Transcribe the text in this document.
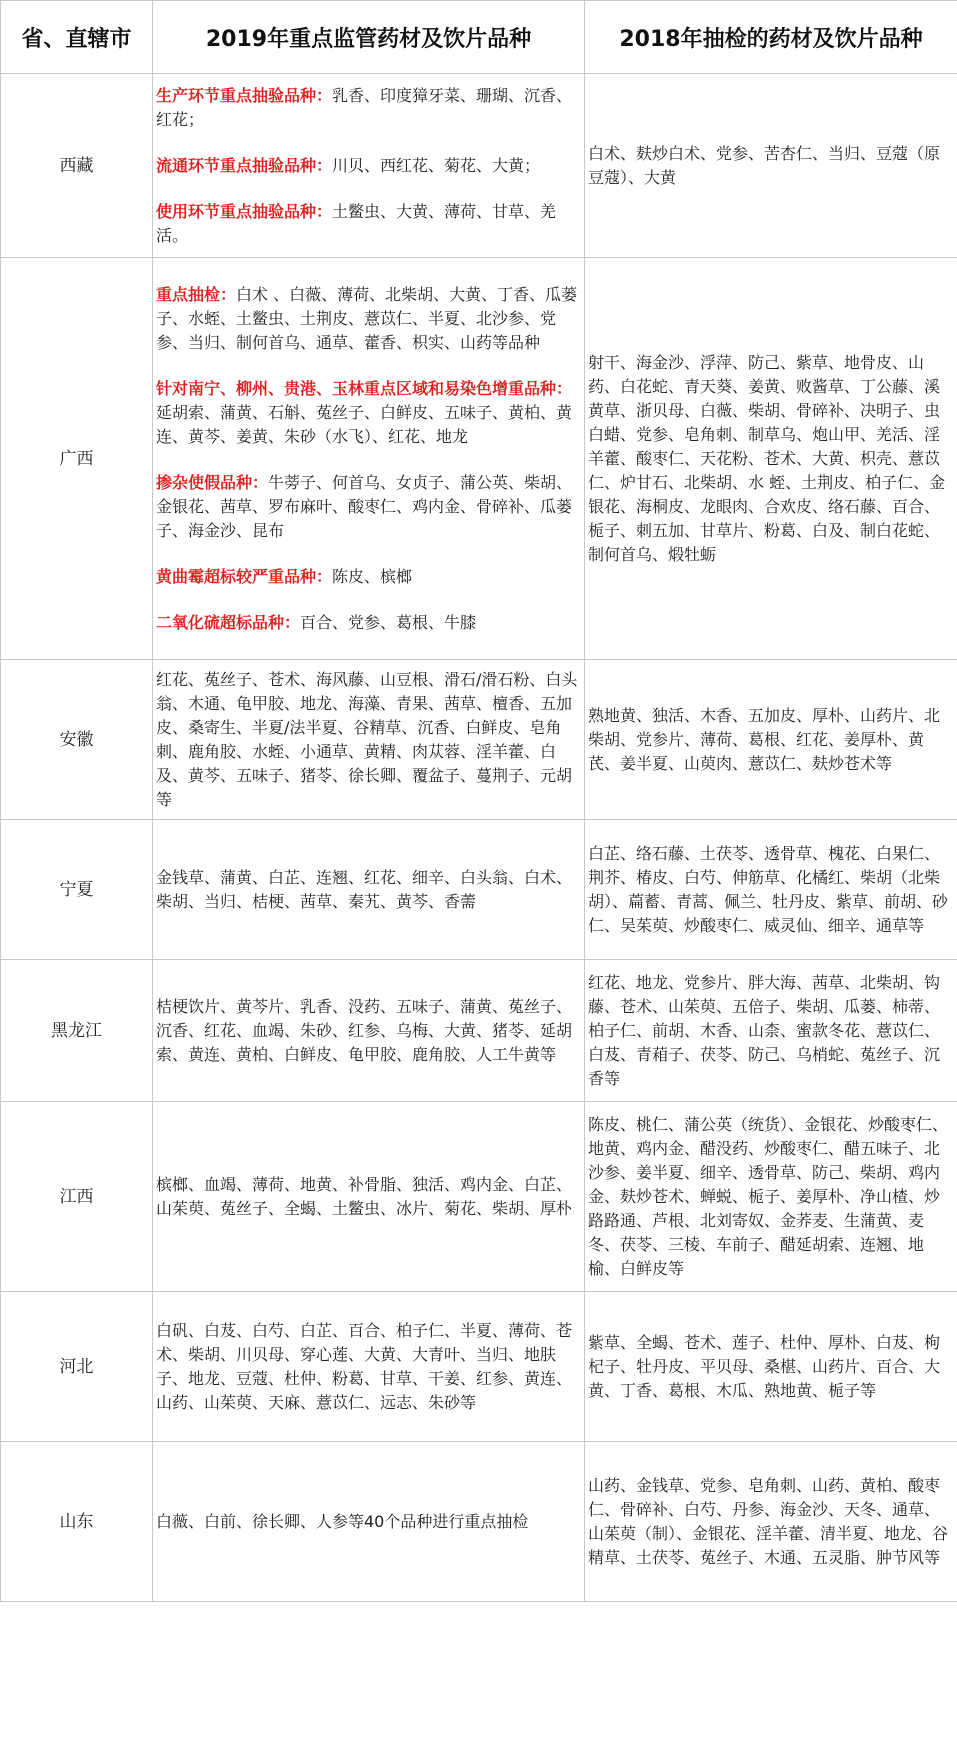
省、直辖市	2019年重点监管药材及饮片品种	2018年抽检的药材及饮片品种
西藏	生产环节重点抽验品种：乳香、印度獐牙菜、珊瑚、沉香、红花；

流通环节重点抽验品种：川贝、西红花、菊花、大黄；

使用环节重点抽验品种：土鳖虫、大黄、薄荷、甘草、羌活。	白术、麸炒白术、党参、苦杏仁、当归、豆蔻（原豆蔻）、大黄
广西	重点抽检：白术 、白薇、薄荷、北柴胡、大黄、丁香、瓜蒌子、水蛭、土鳖虫、土荆皮、薏苡仁、半夏、北沙参、党参、当归、制何首乌、通草、藿香、枳实、山药等品种

针对南宁、柳州、贵港、玉林重点区域和易染色增重品种：延胡索、蒲黄、石斛、菟丝子、白鲜皮、五味子、黄柏、黄连、黄芩、姜黄、朱砂（水飞）、红花、地龙

掺杂使假品种：牛蒡子、何首乌、女贞子、蒲公英、柴胡、金银花、茜草、罗布麻叶、酸枣仁、鸡内金、骨碎补、瓜蒌子、海金沙、昆布

黄曲霉超标较严重品种：陈皮、槟榔

二氧化硫超标品种：百合、党参、葛根、牛膝	射干、海金沙、浮萍、防己、紫草、地骨皮、山药、白花蛇、青天葵、姜黄、败酱草、丁公藤、溪黄草、浙贝母、白薇、柴胡、骨碎补、决明子、虫白蜡、党参、皂角刺、制草乌、炮山甲、羌活、淫羊藿、酸枣仁、天花粉、苍术、大黄、枳壳、薏苡仁、炉甘石、北柴胡、水 蛭、土荆皮、柏子仁、金银花、海桐皮、龙眼肉、合欢皮、络石藤、百合、栀子、刺五加、甘草片、粉葛、白及、制白花蛇、制何首乌、煅牡蛎
安徽	红花、菟丝子、苍术、海风藤、山豆根、滑石/滑石粉、白头翁、木通、龟甲胶、地龙、海藻、青果、茜草、檀香、五加皮、桑寄生、半夏/法半夏、谷精草、沉香、白鲜皮、皂角刺、鹿角胶、水蛭、小通草、黄精、肉苁蓉、淫羊藿、白及、黄芩、五味子、猪苓、徐长卿、覆盆子、蔓荆子、元胡等	熟地黄、独活、木香、五加皮、厚朴、山药片、北柴胡、党参片、薄荷、葛根、红花、姜厚朴、黄芪、姜半夏、山萸肉、薏苡仁、麸炒苍术等
宁夏	金钱草、蒲黄、白芷、连翘、红花、细辛、白头翁、白术、柴胡、当归、桔梗、茜草、秦艽、黄芩、香薷	白芷、络石藤、土茯苓、透骨草、槐花、白果仁、荆芥、椿皮、白芍、伸筋草、化橘红、柴胡（北柴胡）、萹蓄、青蒿、佩兰、牡丹皮、紫草、前胡、砂仁、吴茱萸、炒酸枣仁、威灵仙、细辛、通草等
黑龙江	桔梗饮片、黄芩片、乳香、没药、五味子、蒲黄、菟丝子、沉香、红花、血竭、朱砂、红参、乌梅、大黄、猪苓、延胡索、黄连、黄柏、白鲜皮、龟甲胶、鹿角胶、人工牛黄等	红花、地龙、党参片、胖大海、茜草、北柴胡、钩藤、苍术、山茱萸、五倍子、柴胡、瓜蒌、柿蒂、柏子仁、前胡、木香、山柰、蜜款冬花、薏苡仁、白芨、青葙子、茯苓、防己、乌梢蛇、菟丝子、沉香等
江西	槟榔、血竭、薄荷、地黄、补骨脂、独活、鸡内金、白芷、山茱萸、菟丝子、全蝎、土鳖虫、冰片、菊花、柴胡、厚朴	陈皮、桃仁、蒲公英（统货）、金银花、炒酸枣仁、地黄、鸡内金、醋没药、炒酸枣仁、醋五味子、北沙参、姜半夏、细辛、透骨草、防己、柴胡、鸡内金、麸炒苍术、蝉蜕、栀子、姜厚朴、净山楂、炒路路通、芦根、北刘寄奴、金荞麦、生蒲黄、麦冬、茯苓、三棱、车前子、醋延胡索、连翘、地榆、白鲜皮等
河北	白矾、白芨、白芍、白芷、百合、柏子仁、半夏、薄荷、苍术、柴胡、川贝母、穿心莲、大黄、大青叶、当归、地肤子、地龙、豆蔻、杜仲、粉葛、甘草、干姜、红参、黄连、山药、山茱萸、天麻、薏苡仁、远志、朱砂等	紫草、全蝎、苍术、莲子、杜仲、厚朴、白芨、枸杞子、牡丹皮、平贝母、桑椹、山药片、百合、大黄、丁香、葛根、木瓜、熟地黄、栀子等
山东	白薇、白前、徐长卿、人参等40个品种进行重点抽检	山药、金钱草、党参、皂角刺、山药、黄柏、酸枣仁、骨碎补、白芍、丹参、海金沙、天冬、通草、山茱萸（制）、金银花、淫羊藿、清半夏、地龙、谷精草、土茯苓、菟丝子、木通、五灵脂、肿节风等
